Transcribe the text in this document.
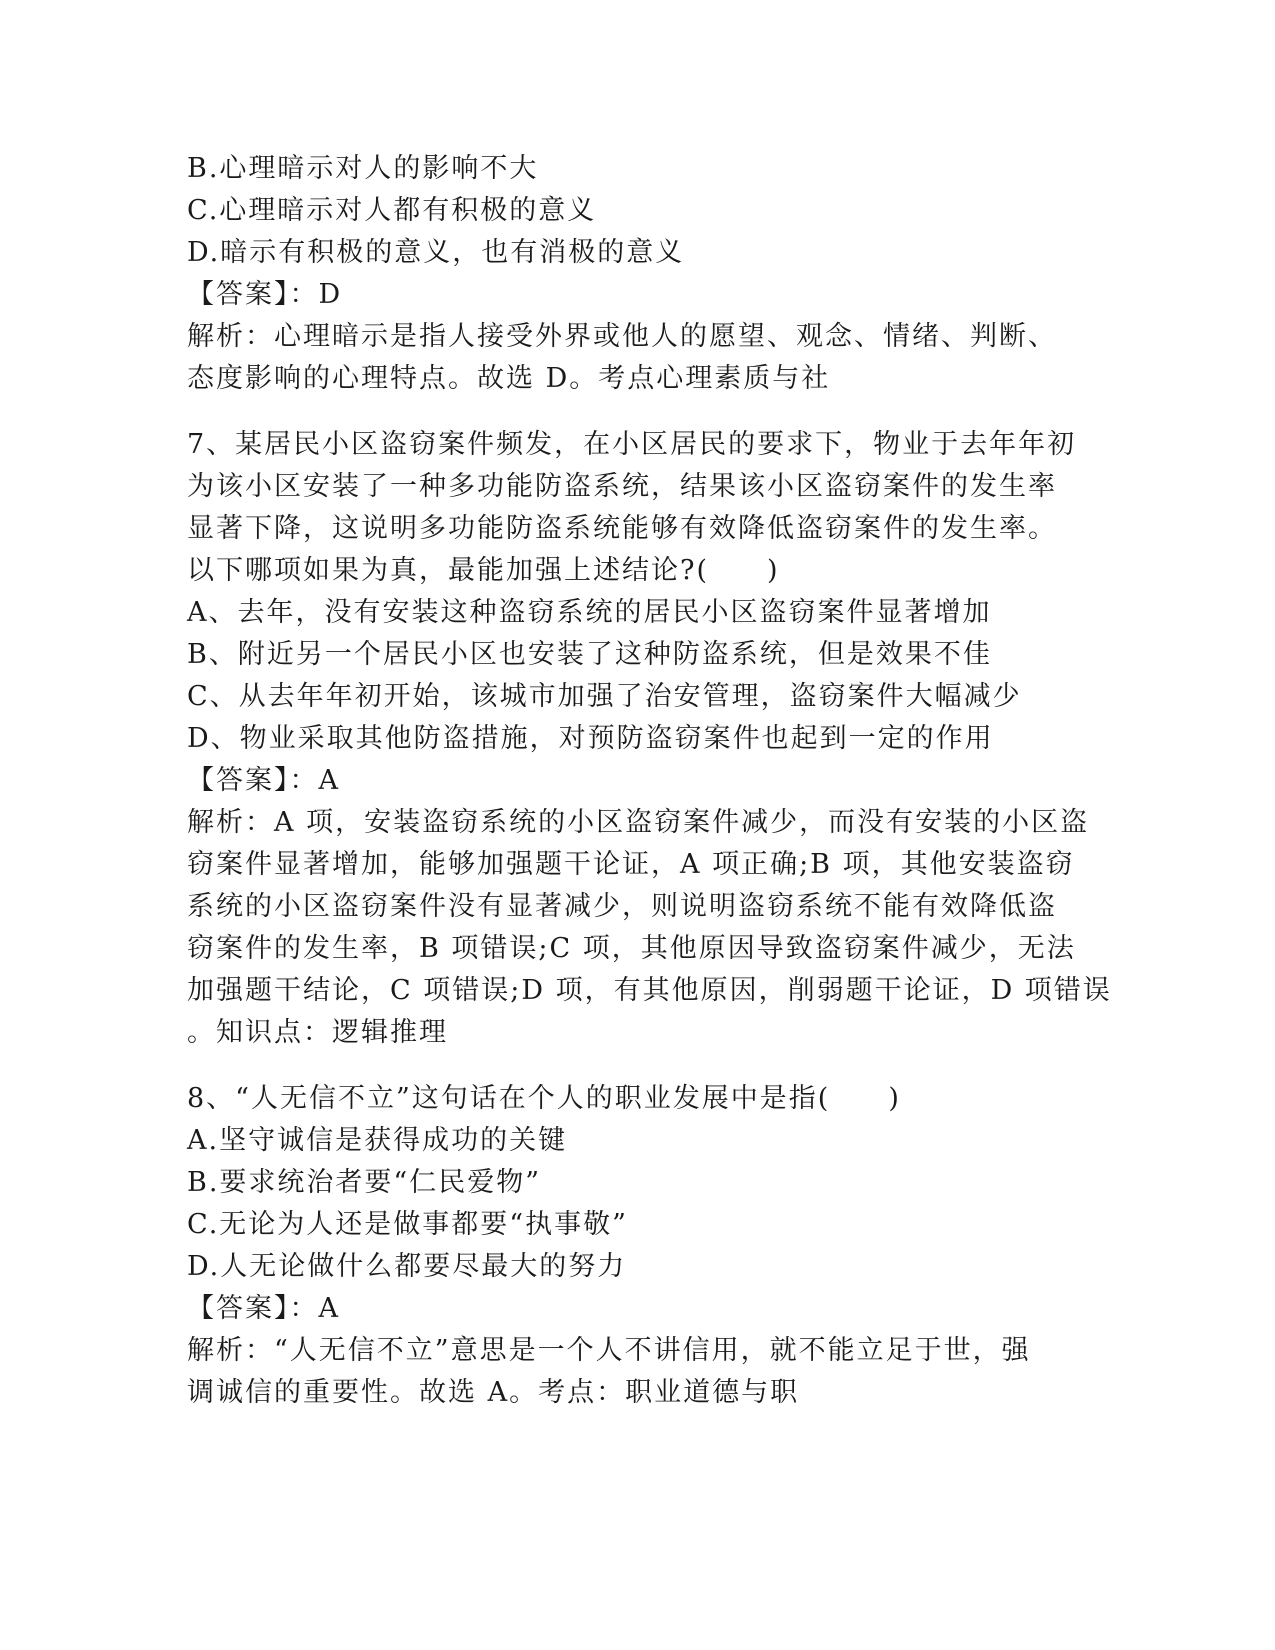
B.心理暗示对人的影响不大
C.心理暗示对人都有积极的意义
D.暗示有积极的意义，也有消极的意义
【答案】：D
解析：心理暗示是指人接受外界或他人的愿望、观念、情绪、判断、
态度影响的心理特点。故选 D。考点心理素质与社
7、某居民小区盗窃案件频发，在小区居民的要求下，物业于去年年初
为该小区安装了一种多功能防盗系统，结果该小区盗窃案件的发生率
显著下降，这说明多功能防盗系统能够有效降低盗窃案件的发生率。
以下哪项如果为真，最能加强上述结论?(　　)
A、去年，没有安装这种盗窃系统的居民小区盗窃案件显著增加
B、附近另一个居民小区也安装了这种防盗系统，但是效果不佳
C、从去年年初开始，该城市加强了治安管理，盗窃案件大幅减少
D、物业采取其他防盗措施，对预防盗窃案件也起到一定的作用
【答案】：A
解析：A 项，安装盗窃系统的小区盗窃案件减少，而没有安装的小区盗
窃案件显著增加，能够加强题干论证，A 项正确;B 项，其他安装盗窃
系统的小区盗窃案件没有显著减少，则说明盗窃系统不能有效降低盗
窃案件的发生率，B 项错误;C 项，其他原因导致盗窃案件减少，无法
加强题干结论，C 项错误;D 项，有其他原因，削弱题干论证，D 项错误
。知识点：逻辑推理
8、“人无信不立”这句话在个人的职业发展中是指(　　)
A.坚守诚信是获得成功的关键
B.要求统治者要“仁民爱物”
C.无论为人还是做事都要“执事敬”
D.人无论做什么都要尽最大的努力
【答案】：A
解析：“人无信不立”意思是一个人不讲信用，就不能立足于世，强
调诚信的重要性。故选 A。考点：职业道德与职
